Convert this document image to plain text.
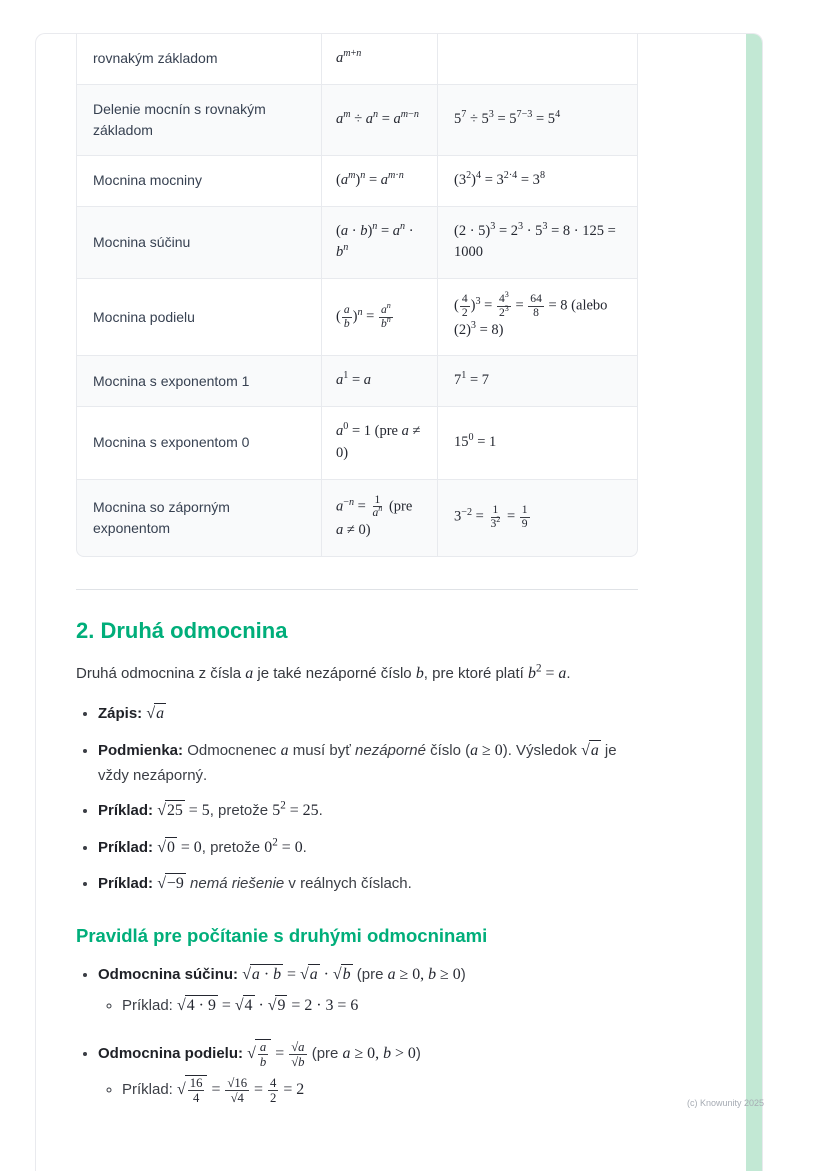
rovnakým základom	$a^{m+n}$	
Delenie mocnín s rovnakým základom	$a^m \div a^n = a^{m-n}$	$5^7 \div 5^3 = 5^{7-3} = 5^4$
Mocnina mocniny	$(a^m)^n = a^{m\cdot n}$	$(3^2)^4 = 3^{2\cdot 4} = 3^8$
Mocnina súčinu	$(a \cdot b)^n = a^n \cdot b^n$	$(2 \cdot 5)^3 = 2^3 \cdot 5^3 = 8 \cdot 125 = 1000$
Mocnina podielu	( $\frac{a}{b} )^n = \frac{a^n}{b^n}$	( $\frac{4}{2} )^3 = \frac{4^3}{2^3} = \frac{64}{8} = 8$ (alebo $(2)^3 = 8$)
Mocnina s exponentom 1	$a^1 = a$	$7^1 = 7$
Mocnina s exponentom 0	$a^0 = 1$ (pre a ≠ 0)	$15^0 = 1$
Mocnina so záporným exponentom	$a^{-n} = \frac{1}{a^n} (pre$ a ≠ 0)	$3^{-2} = \frac{1}{3^2} = \frac{1}{9}$
2. Druhá odmocnina

Druhá odmocnina z čísla a je také nezáporné číslo b, pre ktoré platí $b^2 = a$.

• Zápis: √a
• Podmienka: Odmocnenec a musí byť nezáporné číslo (a ≥ 0). Výsledok √a je vždy nezáporný.
• Príklad: √25 = 5, pretože $5^2 = 25$.
• Príklad: √0 = 0, pretože $0^2 = 0$.
• Príklad: √−9 nemá riešenie v reálnych číslach.
Pravidlá pre počítanie s druhými odmocninami
• Odmocnina súčinu: √a · b = √a · √b (pre a ≥ 0, b ≥ 0)
◦ Príklad: √4 · 9 = √4 · √9 = 2 · 3 = 6
• Odmocnina podielu: √ $\frac{a}{b} = \frac{√a}{√b} (pre$ a ≥ 0, b > 0)
◦ Príklad: √ $\frac{16}{4} = \frac{√16}{√4} = \frac{4}{2} = 2$
(c) Knowunity 2025
